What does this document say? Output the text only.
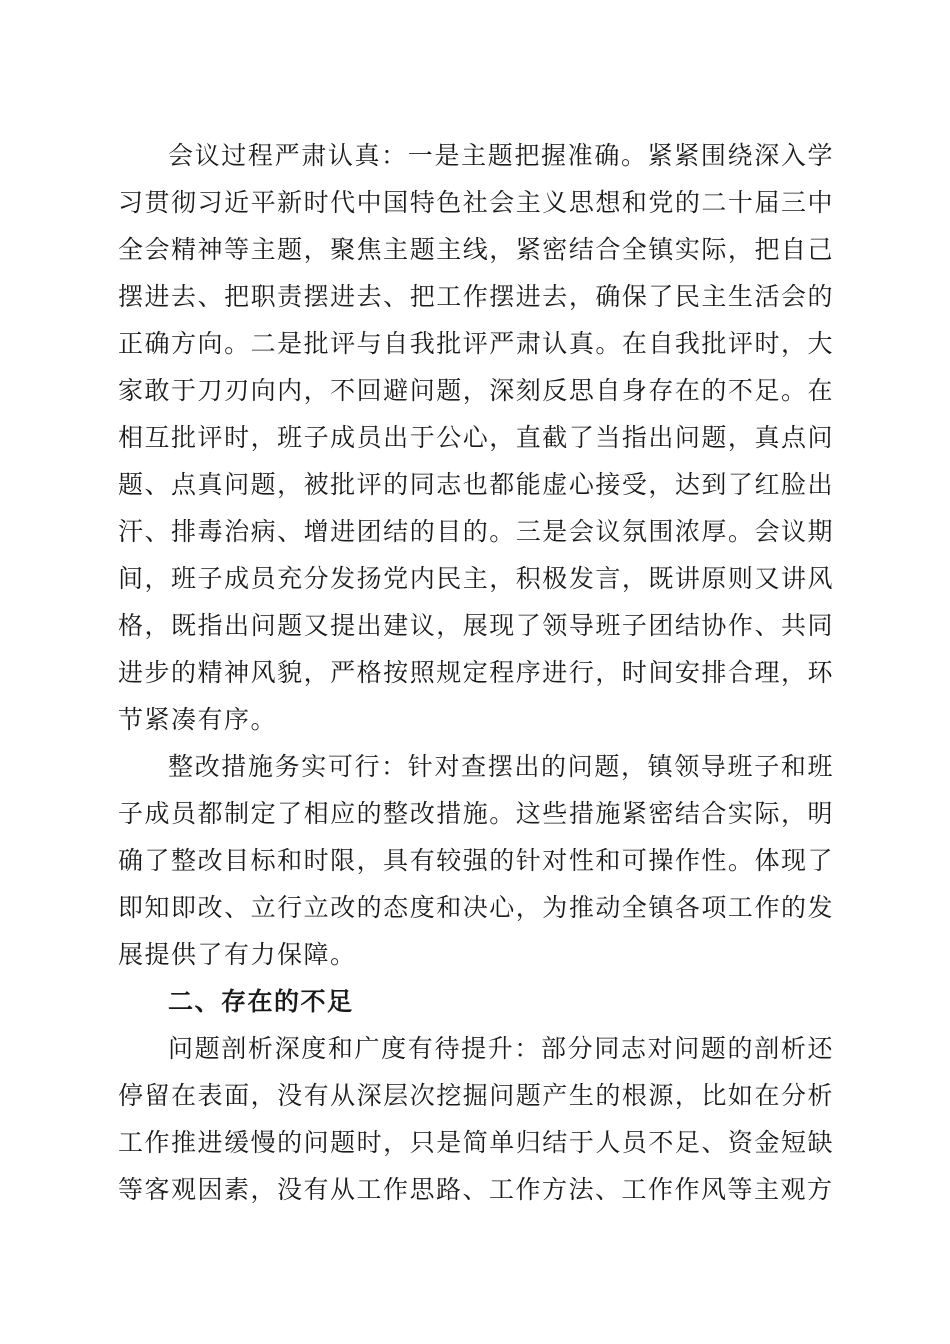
会议过程严肃认真：一是主题把握准确。紧紧围绕深入学习贯彻习近平新时代中国特色社会主义思想和党的二十届三中全会精神等主题，聚焦主题主线，紧密结合全镇实际，把自己摆进去、把职责摆进去、把工作摆进去，确保了民主生活会的正确方向。二是批评与自我批评严肃认真。在自我批评时，大家敢于刀刃向内，不回避问题，深刻反思自身存在的不足。在相互批评时，班子成员出于公心，直截了当指出问题，真点问题、点真问题，被批评的同志也都能虚心接受，达到了红脸出汗、排毒治病、增进团结的目的。三是会议氛围浓厚。会议期间，班子成员充分发扬党内民主，积极发言，既讲原则又讲风格，既指出问题又提出建议，展现了领导班子团结协作、共同进步的精神风貌，严格按照规定程序进行，时间安排合理，环节紧凑有序。

整改措施务实可行：针对查摆出的问题，镇领导班子和班子成员都制定了相应的整改措施。这些措施紧密结合实际，明确了整改目标和时限，具有较强的针对性和可操作性。体现了即知即改、立行立改的态度和决心，为推动全镇各项工作的发展提供了有力保障。

二、存在的不足

问题剖析深度和广度有待提升：部分同志对问题的剖析还停留在表面，没有从深层次挖掘问题产生的根源，比如在分析工作推进缓慢的问题时，只是简单归结于人员不足、资金短缺等客观因素，没有从工作思路、工作方法、工作作风等主观方
